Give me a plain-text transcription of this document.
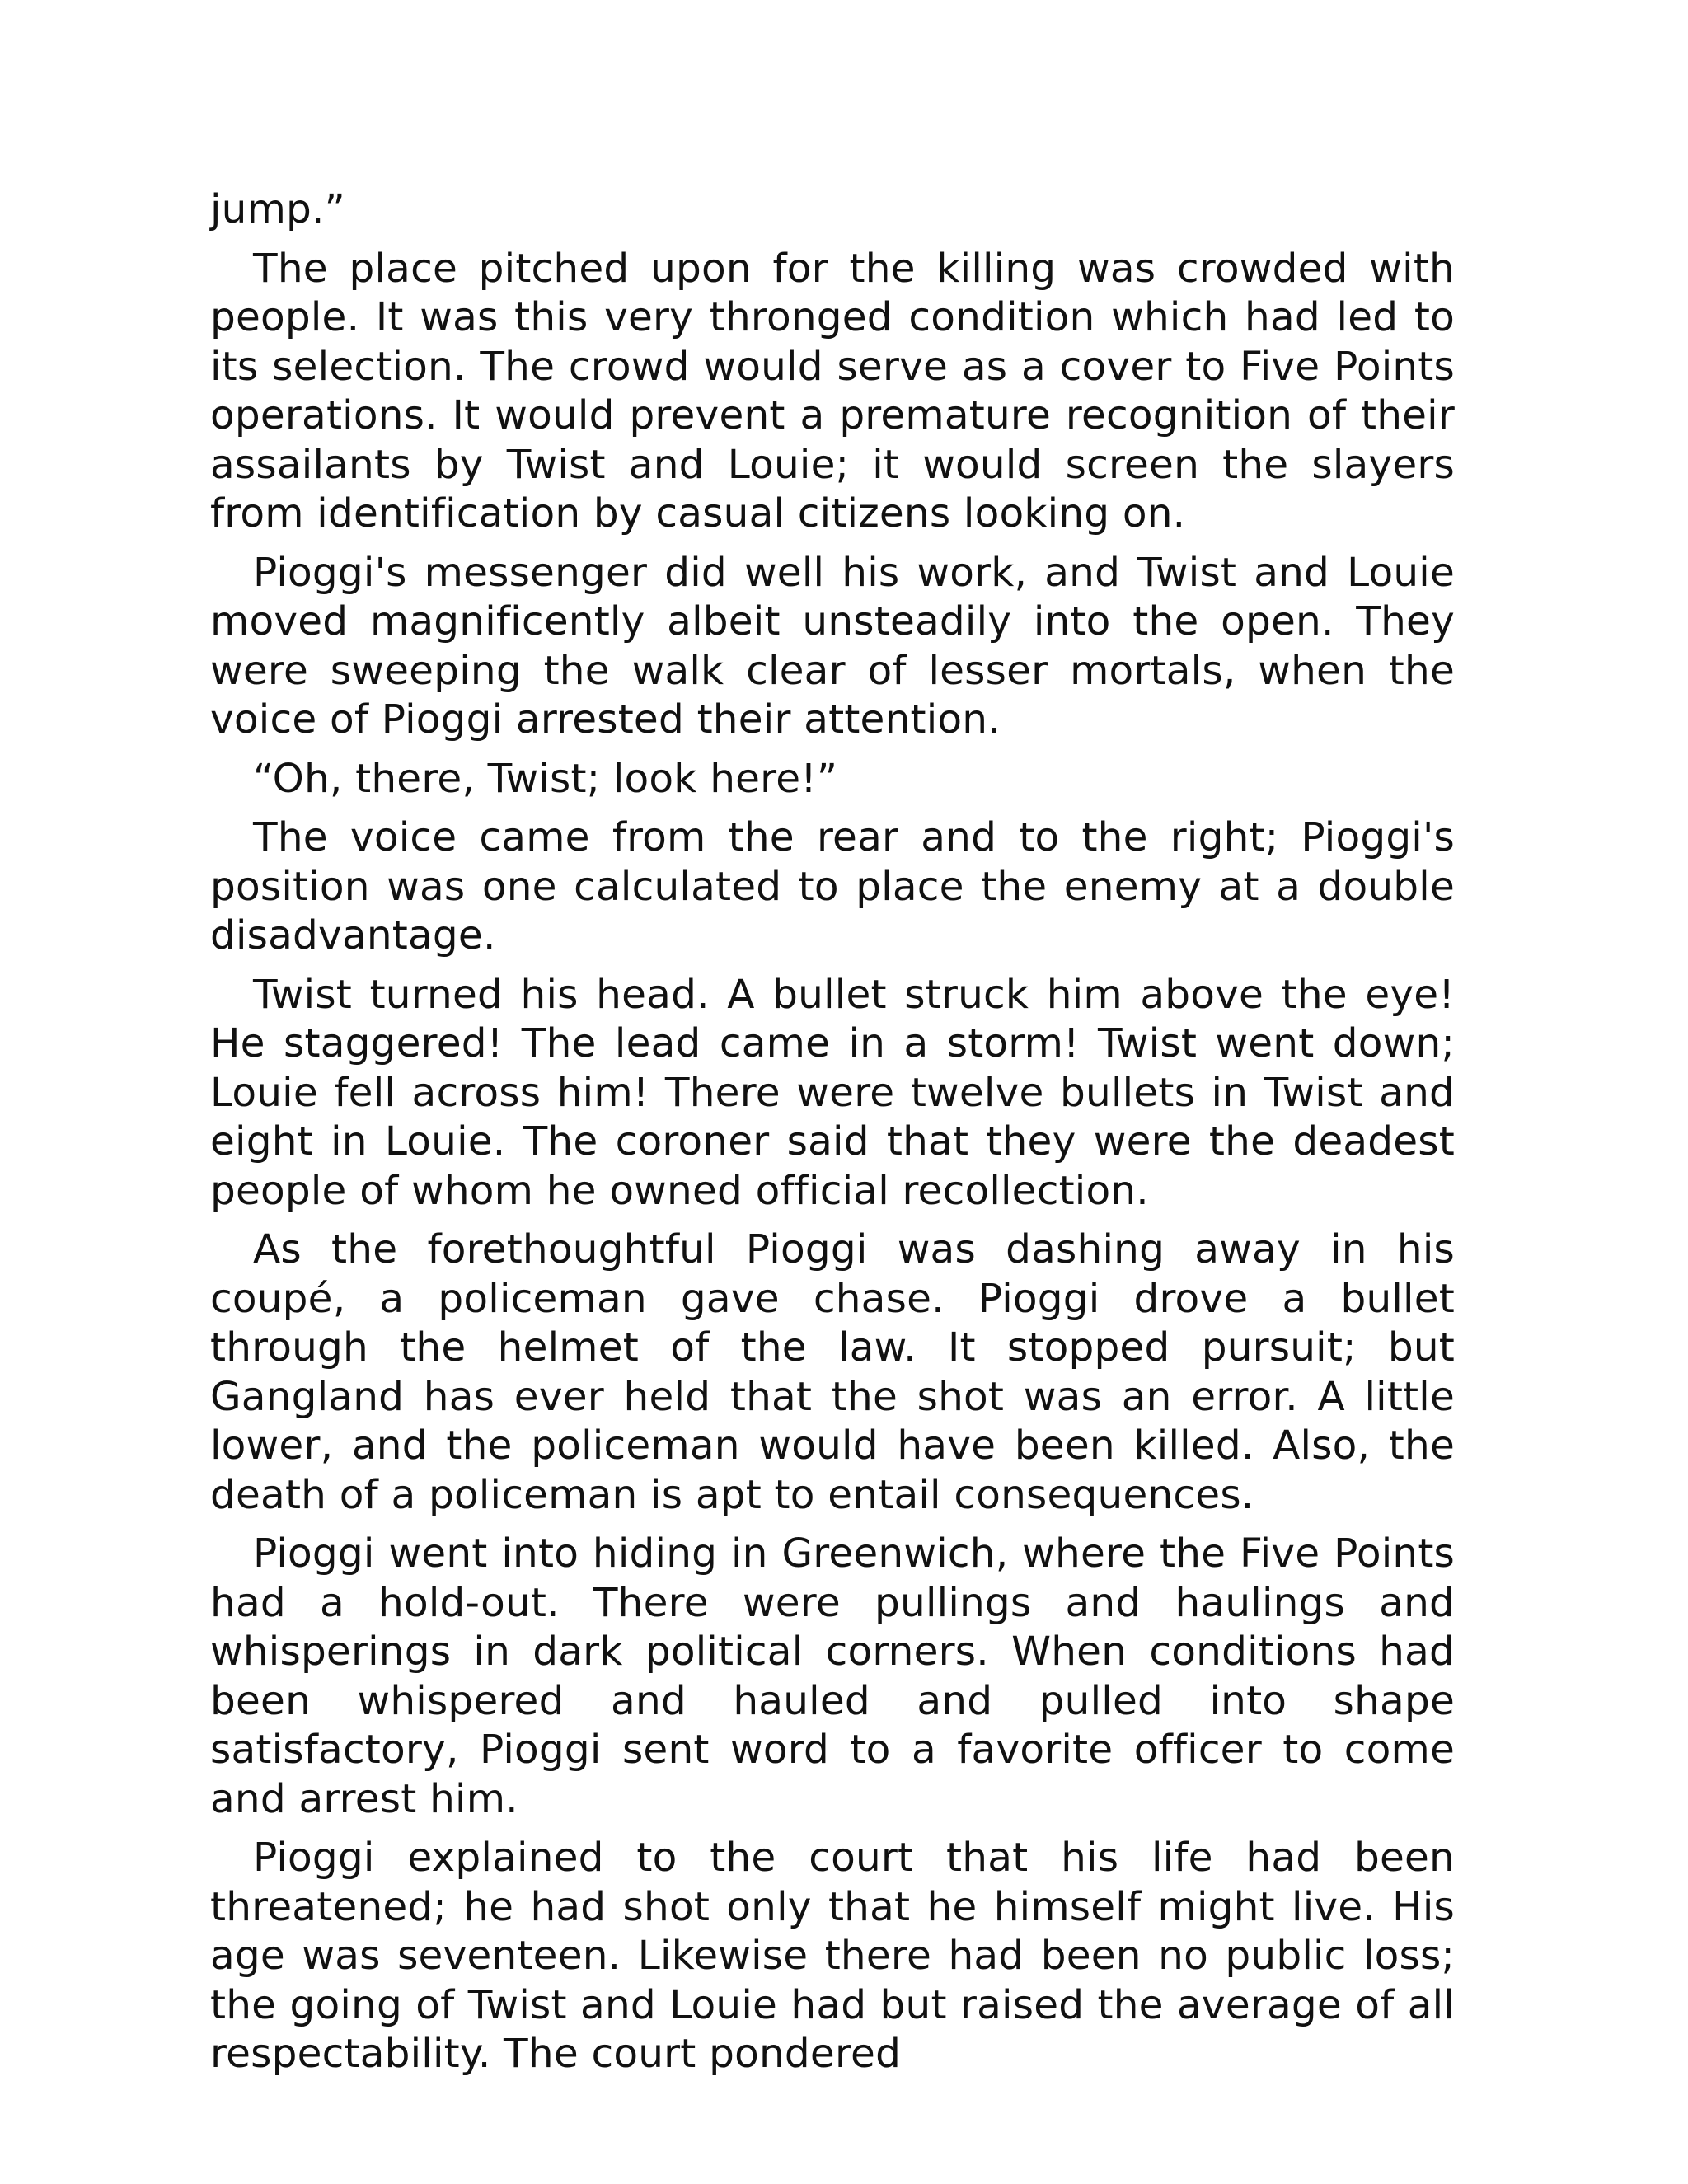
jump.”

The place pitched upon for the killing was crowded with people. It was this very thronged condition which had led to its selection. The crowd would serve as a cover to Five Points operations. It would prevent a premature recognition of their assailants by Twist and Louie; it would screen the slayers from identification by casual citizens looking on.

Pioggi's messenger did well his work, and Twist and Louie moved magnificently albeit unsteadily into the open. They were sweeping the walk clear of lesser mortals, when the voice of Pioggi arrested their attention.

“Oh, there, Twist; look here!”

The voice came from the rear and to the right; Pioggi's position was one calculated to place the enemy at a double disadvantage.

Twist turned his head. A bullet struck him above the eye! He staggered! The lead came in a storm! Twist went down; Louie fell across him! There were twelve bullets in Twist and eight in Louie. The coroner said that they were the deadest people of whom he owned official recollection.

As the forethoughtful Pioggi was dashing away in his coupé, a policeman gave chase. Pioggi drove a bullet through the helmet of the law. It stopped pursuit; but Gangland has ever held that the shot was an error. A little lower, and the policeman would have been killed. Also, the death of a policeman is apt to entail consequences.

Pioggi went into hiding in Greenwich, where the Five Points had a hold-out. There were pullings and haulings and whisperings in dark political corners. When conditions had been whispered and hauled and pulled into shape satisfactory, Pioggi sent word to a favorite officer to come and arrest him.

Pioggi explained to the court that his life had been threatened; he had shot only that he himself might live. His age was seventeen. Likewise there had been no public loss; the going of Twist and Louie had but raised the average of all respectability. The court pondered
